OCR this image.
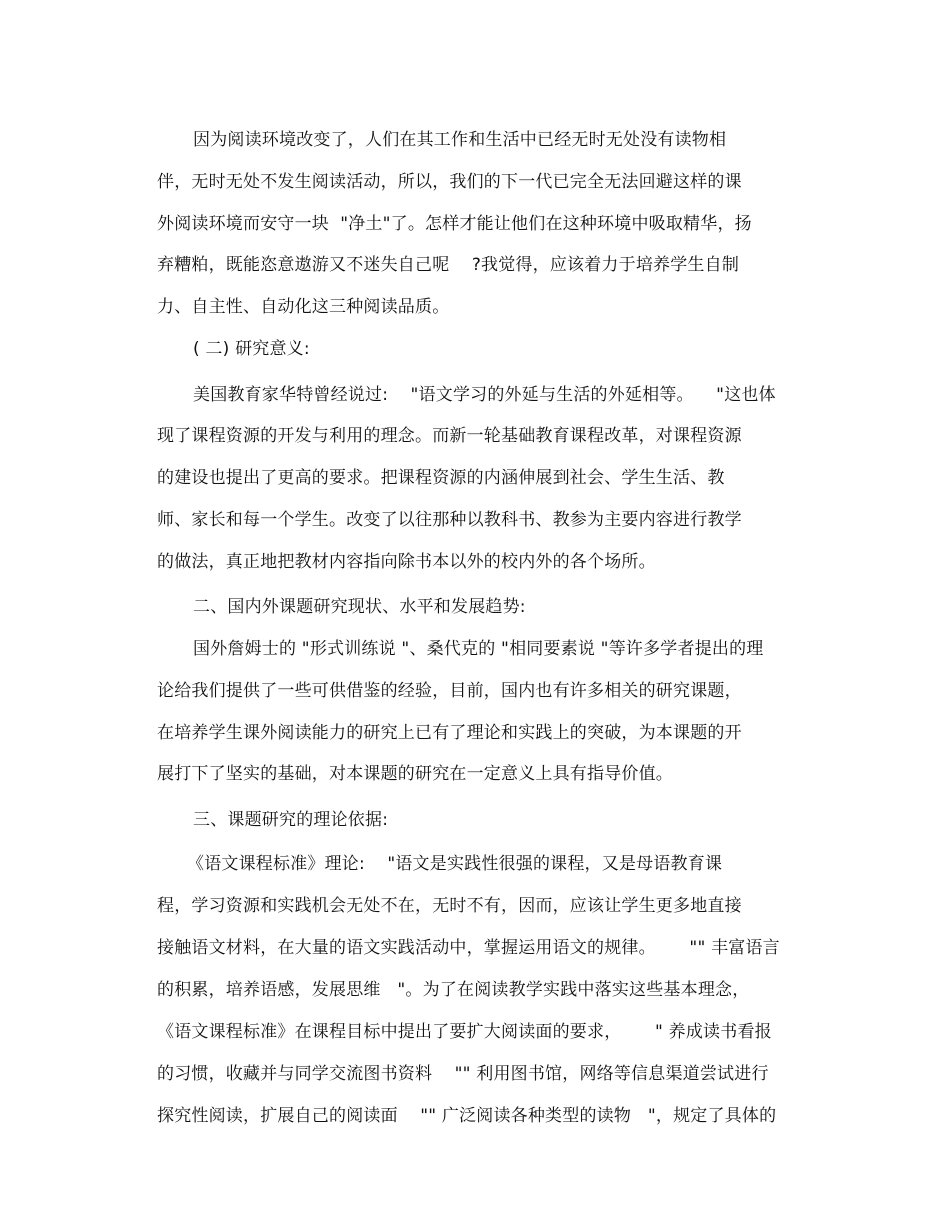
因为阅读环境改变了，人们在其工作和生活中已经无时无处没有读物相

伴，无时无处不发生阅读活动，所以，我们的下一代已完全无法回避这样的课

外阅读环境而安守一块  "净土"了。怎样才能让他们在这种环境中吸取精华，扬

弃糟粕，既能恣意遨游又不迷失自己呢    ?我觉得，应该着力于培养学生自制

力、自主性、自动化这三种阅读品质。

( 二) 研究意义:

美国教育家华特曾经说过:    "语文学习的外延与生活的外延相等。    "这也体

现了课程资源的开发与利用的理念。而新一轮基础教育课程改革，对课程资源

的建设也提出了更高的要求。把课程资源的内涵伸展到社会、学生生活、教

师、家长和每一个学生。改变了以往那种以教科书、教参为主要内容进行教学

的做法，真正地把教材内容指向除书本以外的校内外的各个场所。

二、国内外课题研究现状、水平和发展趋势:

国外詹姆士的 "形式训练说 "、桑代克的 "相同要素说 "等许多学者提出的理

论给我们提供了一些可供借鉴的经验，目前，国内也有许多相关的研究课题，

在培养学生课外阅读能力的研究上已有了理论和实践上的突破，为本课题的开

展打下了坚实的基础，对本课题的研究在一定意义上具有指导价值。

三、课题研究的理论依据:

《语文课程标准》理论:    "语文是实践性很强的课程，又是母语教育课

程，学习资源和实践机会无处不在，无时不有，因而，应该让学生更多地直接

接触语文材料，在大量的语文实践活动中，掌握运用语文的规律。      "" 丰富语言

的积累，培养语感，发展思维   "。为了在阅读教学实践中落实这些基本理念，

《语文课程标准》在课程目标中提出了要扩大阅读面的要求，      " 养成读书看报

的习惯，收藏并与同学交流图书资料    "" 利用图书馆，网络等信息渠道尝试进行

探究性阅读，扩展自己的阅读面    "" 广泛阅读各种类型的读物   "，规定了具体的
